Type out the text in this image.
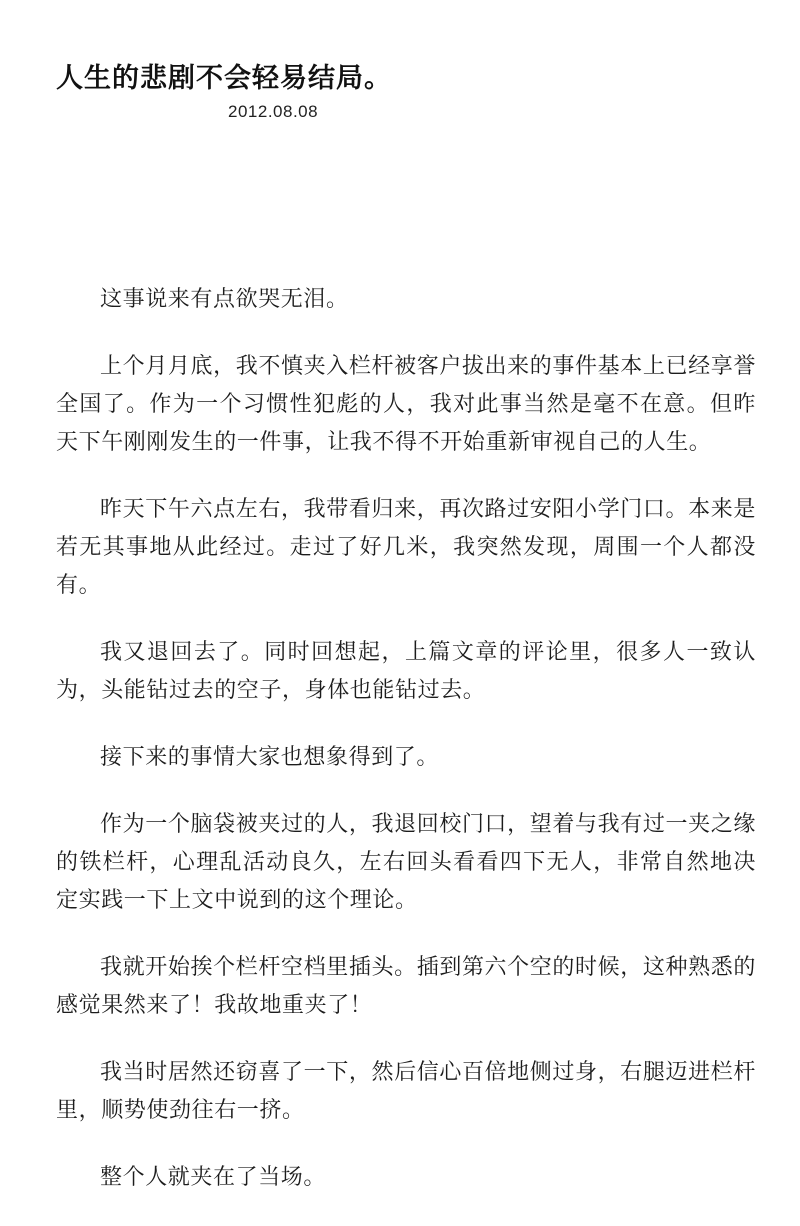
人生的悲剧不会轻易结局。
2012.08.08

这事说来有点欲哭无泪。

上个月月底，我不慎夹入栏杆被客户拔出来的事件基本上已经享誉全国了。作为一个习惯性犯彪的人，我对此事当然是毫不在意。但昨天下午刚刚发生的一件事，让我不得不开始重新审视自己的人生。

昨天下午六点左右，我带看归来，再次路过安阳小学门口。本来是若无其事地从此经过。走过了好几米，我突然发现，周围一个人都没有。

我又退回去了。同时回想起，上篇文章的评论里，很多人一致认为，头能钻过去的空子，身体也能钻过去。

接下来的事情大家也想象得到了。

作为一个脑袋被夹过的人，我退回校门口，望着与我有过一夹之缘的铁栏杆，心理乱活动良久，左右回头看看四下无人，非常自然地决定实践一下上文中说到的这个理论。

我就开始挨个栏杆空档里插头。插到第六个空的时候，这种熟悉的感觉果然来了！我故地重夹了！

我当时居然还窃喜了一下，然后信心百倍地侧过身，右腿迈进栏杆里，顺势使劲往右一挤。

整个人就夹在了当场。
